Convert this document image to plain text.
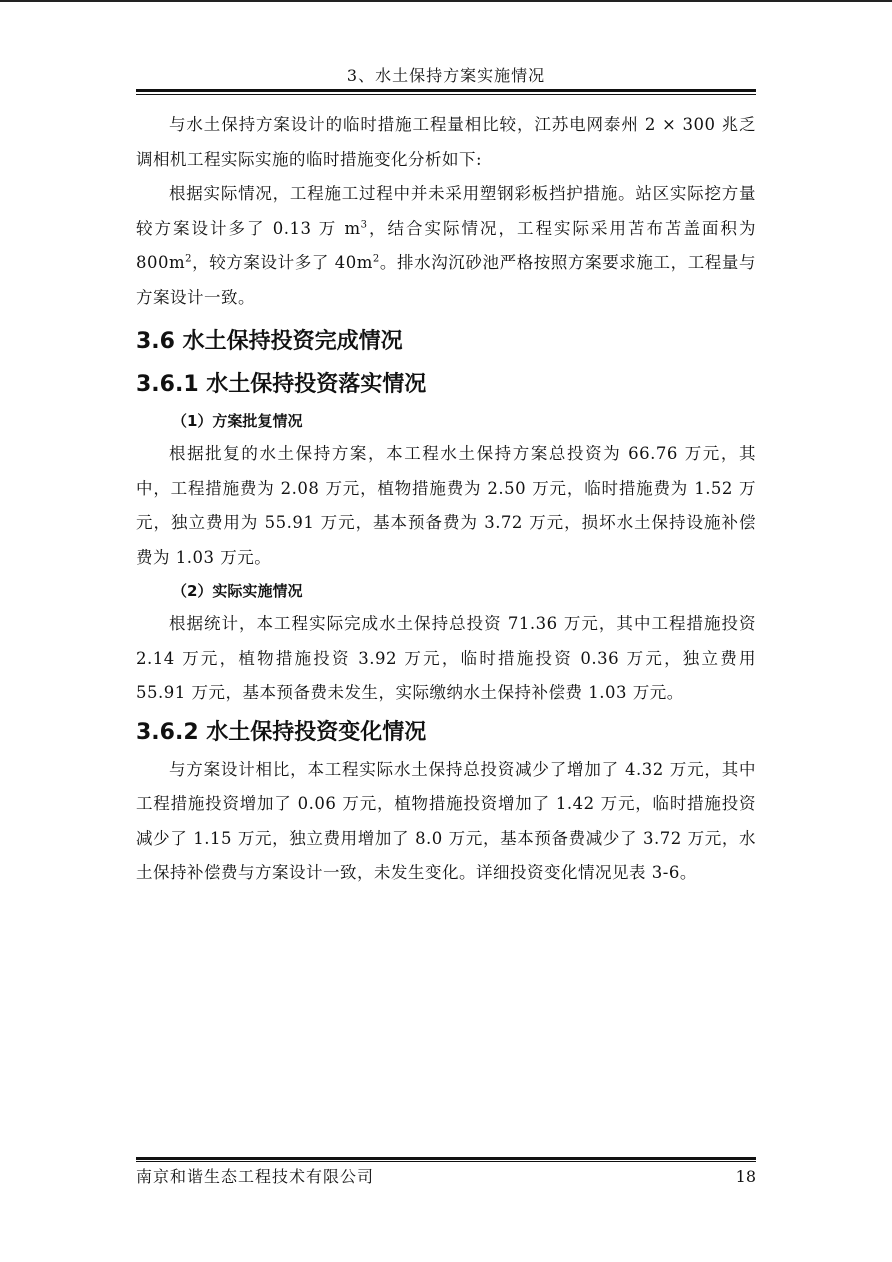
3、水土保持方案实施情况

与水土保持方案设计的临时措施工程量相比较，江苏电网泰州 2 × 300 兆乏调相机工程实际实施的临时措施变化分析如下:

根据实际情况，工程施工过程中并未采用塑钢彩板挡护措施。站区实际挖方量较方案设计多了 0.13 万 $m^3$，结合实际情况，工程实际采用苫布苫盖面积为 $800m^2$，较方案设计多了 $40m^2$。排水沟沉砂池严格按照方案要求施工，工程量与方案设计一致。

3.6 水土保持投资完成情况
3.6.1 水土保持投资落实情况
（1）方案批复情况

根据批复的水土保持方案，本工程水土保持方案总投资为 66.76 万元，其中，工程措施费为 2.08 万元，植物措施费为 2.50 万元，临时措施费为 1.52 万元，独立费用为 55.91 万元，基本预备费为 3.72 万元，损坏水土保持设施补偿费为 1.03 万元。

（2）实际实施情况

根据统计，本工程实际完成水土保持总投资 71.36 万元，其中工程措施投资 2.14 万元，植物措施投资 3.92 万元，临时措施投资 0.36 万元，独立费用 55.91 万元，基本预备费未发生，实际缴纳水土保持补偿费 1.03 万元。

3.6.2 水土保持投资变化情况

与方案设计相比，本工程实际水土保持总投资减少了增加了 4.32 万元，其中工程措施投资增加了 0.06 万元，植物措施投资增加了 1.42 万元，临时措施投资减少了 1.15 万元，独立费用增加了 8.0 万元，基本预备费减少了 3.72 万元，水土保持补偿费与方案设计一致，未发生变化。详细投资变化情况见表 3-6。

南京和谐生态工程技术有限公司	18
